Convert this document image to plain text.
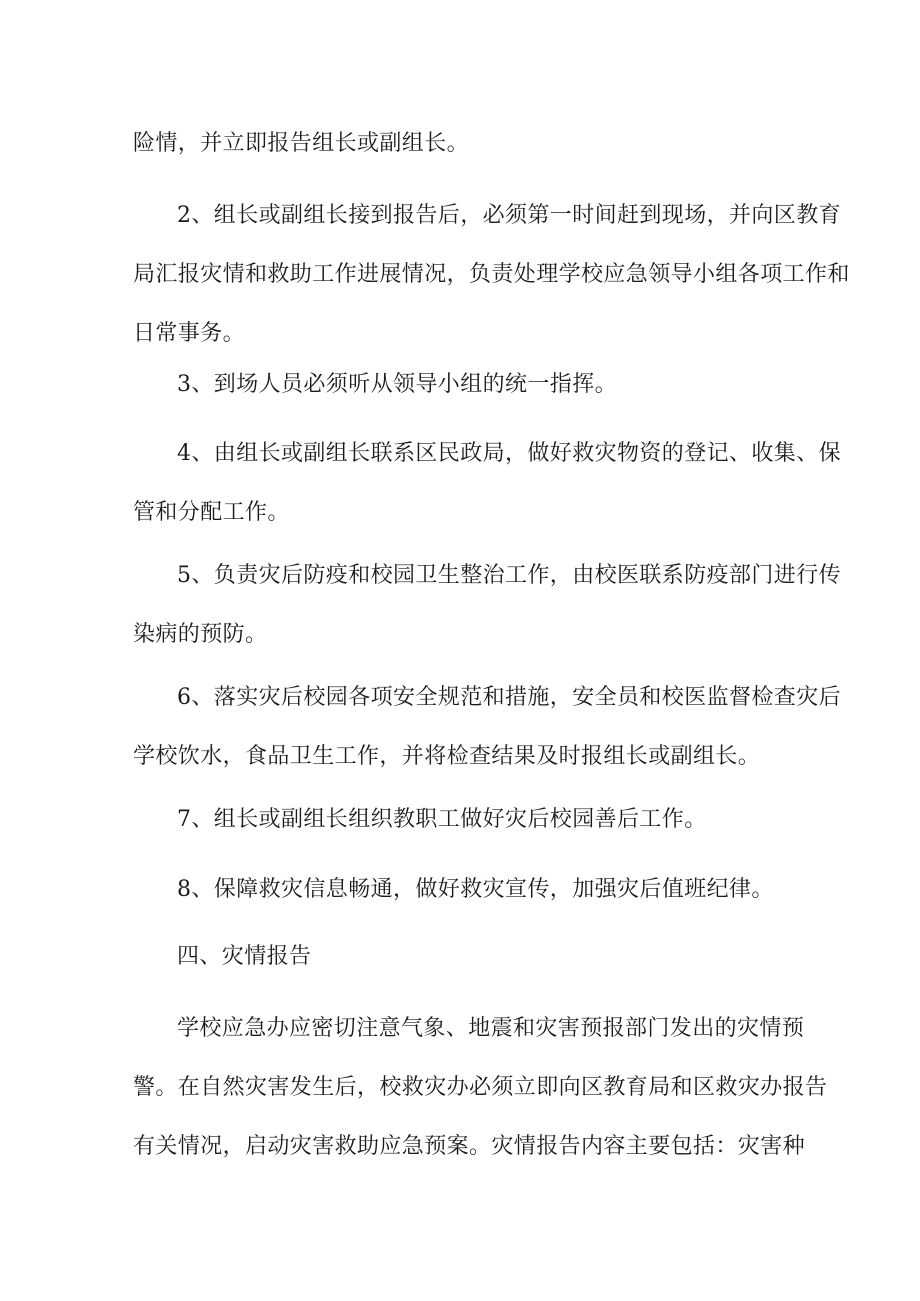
险情，并立即报告组长或副组长。

2、组长或副组长接到报告后，必须第一时间赶到现场，并向区教育
局汇报灾情和救助工作进展情况，负责处理学校应急领导小组各项工作和
日常事务。

3、到场人员必须听从领导小组的统一指挥。

4、由组长或副组长联系区民政局，做好救灾物资的登记、收集、保
管和分配工作。

5、负责灾后防疫和校园卫生整治工作，由校医联系防疫部门进行传
染病的预防。

6、落实灾后校园各项安全规范和措施，安全员和校医监督检查灾后
学校饮水，食品卫生工作，并将检查结果及时报组长或副组长。

7、组长或副组长组织教职工做好灾后校园善后工作。

8、保障救灾信息畅通，做好救灾宣传，加强灾后值班纪律。

四、灾情报告

学校应急办应密切注意气象、地震和灾害预报部门发出的灾情预
警。在自然灾害发生后，校救灾办必须立即向区教育局和区救灾办报告
有关情况，启动灾害救助应急预案。灾情报告内容主要包括：灾害种
